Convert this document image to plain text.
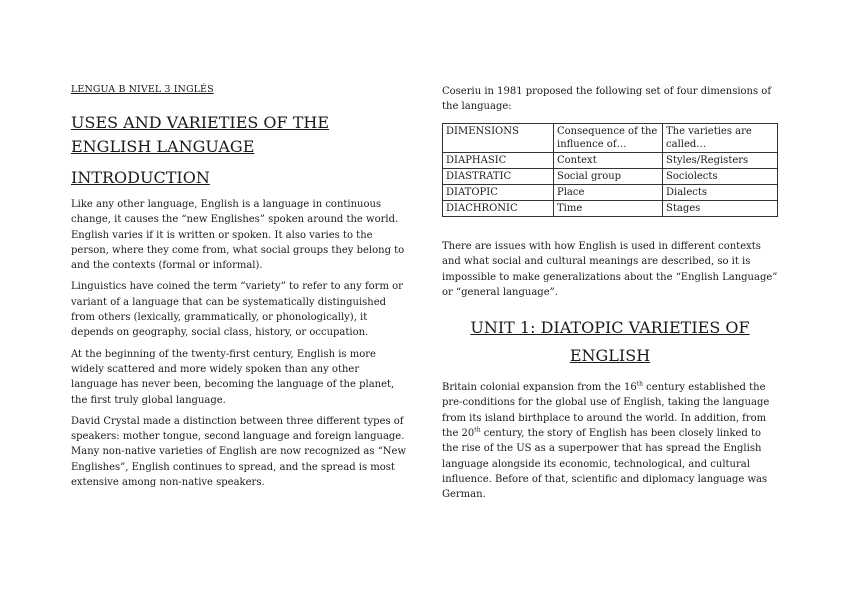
LENGUA B NIVEL 3 INGLÉS

USES AND VARIETIES OF THE
ENGLISH LANGUAGE
INTRODUCTION

Like any other language, English is a language in continuous change, it causes the “new Englishes” spoken around the world. English varies if it is written or spoken. It also varies to the person, where they come from, what social groups they belong to and the contexts (formal or informal).

Linguistics have coined the term “variety” to refer to any form or variant of a language that can be systematically distinguished from others (lexically, grammatically, or phonologically), it depends on geography, social class, history, or occupation.

At the beginning of the twenty-first century, English is more widely scattered and more widely spoken than any other language has never been, becoming the language of the planet, the first truly global language.

David Crystal made a distinction between three different types of speakers: mother tongue, second language and foreign language. Many non-native varieties of English are now recognized as “New Englishes”, English continues to spread, and the spread is most extensive among non-native speakers.

Coseriu in 1981 proposed the following set of four dimensions of the language:

DIMENSIONS	Consequence of the influence of…	The varieties are called…
DIAPHASIC	Context	Styles/Registers
DIASTRATIC	Social group	Sociolects
DIATOPIC	Place	Dialects
DIACHRONIC	Time	Stages

There are issues with how English is used in different contexts and what social and cultural meanings are described, so it is impossible to make generalizations about the “English Language” or “general language”.

UNIT 1: DIATOPIC VARIETIES OF
ENGLISH

Britain colonial expansion from the 16th century established the pre-conditions for the global use of English, taking the language from its island birthplace to around the world. In addition, from the 20th century, the story of English has been closely linked to the rise of the US as a superpower that has spread the English language alongside its economic, technological, and cultural influence. Before of that, scientific and diplomacy language was German.
